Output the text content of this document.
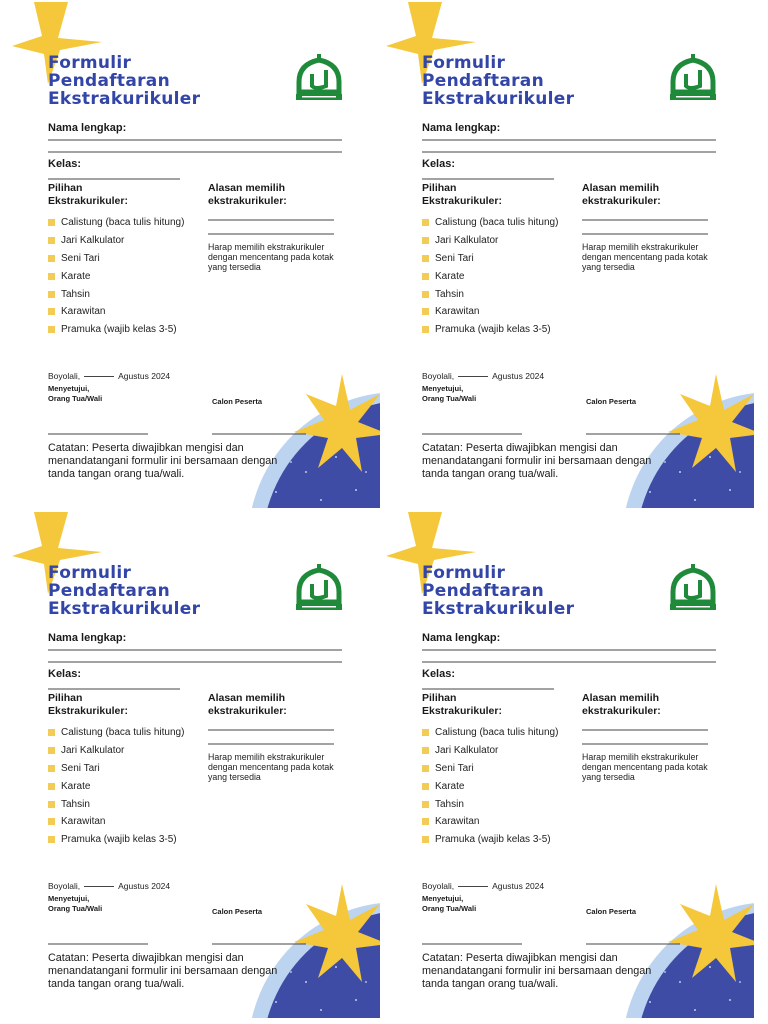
Formulir
Pendaftaran
Ekstrakurikuler
Nama lengkap:
Kelas:
Pilihan
Ekstrakurikuler:
Alasan memilih
ekstrakurikuler:
Calistung (baca tulis hitung)
Jari Kalkulator
Seni Tari
Karate
Tahsin
Karawitan
Pramuka (wajib kelas 3-5)
Harap memilih ekstrakurikuler dengan mencentang pada kotak yang tersedia
Boyolali,	Agustus 2024
Menyetujui,
Orang Tua/Wali	Calon Peserta
Catatan: Peserta diwajibkan mengisi dan menandatangani formulir ini bersamaan dengan tanda tangan orang tua/wali.
Formulir
Pendaftaran
Ekstrakurikuler
Nama lengkap:
Kelas:
Pilihan
Ekstrakurikuler:
Alasan memilih
ekstrakurikuler:
Calistung (baca tulis hitung)
Jari Kalkulator
Seni Tari
Karate
Tahsin
Karawitan
Pramuka (wajib kelas 3-5)
Harap memilih ekstrakurikuler dengan mencentang pada kotak yang tersedia
Boyolali,	Agustus 2024
Menyetujui,
Orang Tua/Wali	Calon Peserta
Catatan: Peserta diwajibkan mengisi dan menandatangani formulir ini bersamaan dengan tanda tangan orang tua/wali.
Formulir
Pendaftaran
Ekstrakurikuler
Nama lengkap:
Kelas:
Pilihan
Ekstrakurikuler:
Alasan memilih
ekstrakurikuler:
Calistung (baca tulis hitung)
Jari Kalkulator
Seni Tari
Karate
Tahsin
Karawitan
Pramuka (wajib kelas 3-5)
Harap memilih ekstrakurikuler dengan mencentang pada kotak yang tersedia
Boyolali,	Agustus 2024
Menyetujui,
Orang Tua/Wali	Calon Peserta
Catatan: Peserta diwajibkan mengisi dan menandatangani formulir ini bersamaan dengan tanda tangan orang tua/wali.
Formulir
Pendaftaran
Ekstrakurikuler
Nama lengkap:
Kelas:
Pilihan
Ekstrakurikuler:
Alasan memilih
ekstrakurikuler:
Calistung (baca tulis hitung)
Jari Kalkulator
Seni Tari
Karate
Tahsin
Karawitan
Pramuka (wajib kelas 3-5)
Harap memilih ekstrakurikuler dengan mencentang pada kotak yang tersedia
Boyolali,	Agustus 2024
Menyetujui,
Orang Tua/Wali	Calon Peserta
Catatan: Peserta diwajibkan mengisi dan menandatangani formulir ini bersamaan dengan tanda tangan orang tua/wali.
